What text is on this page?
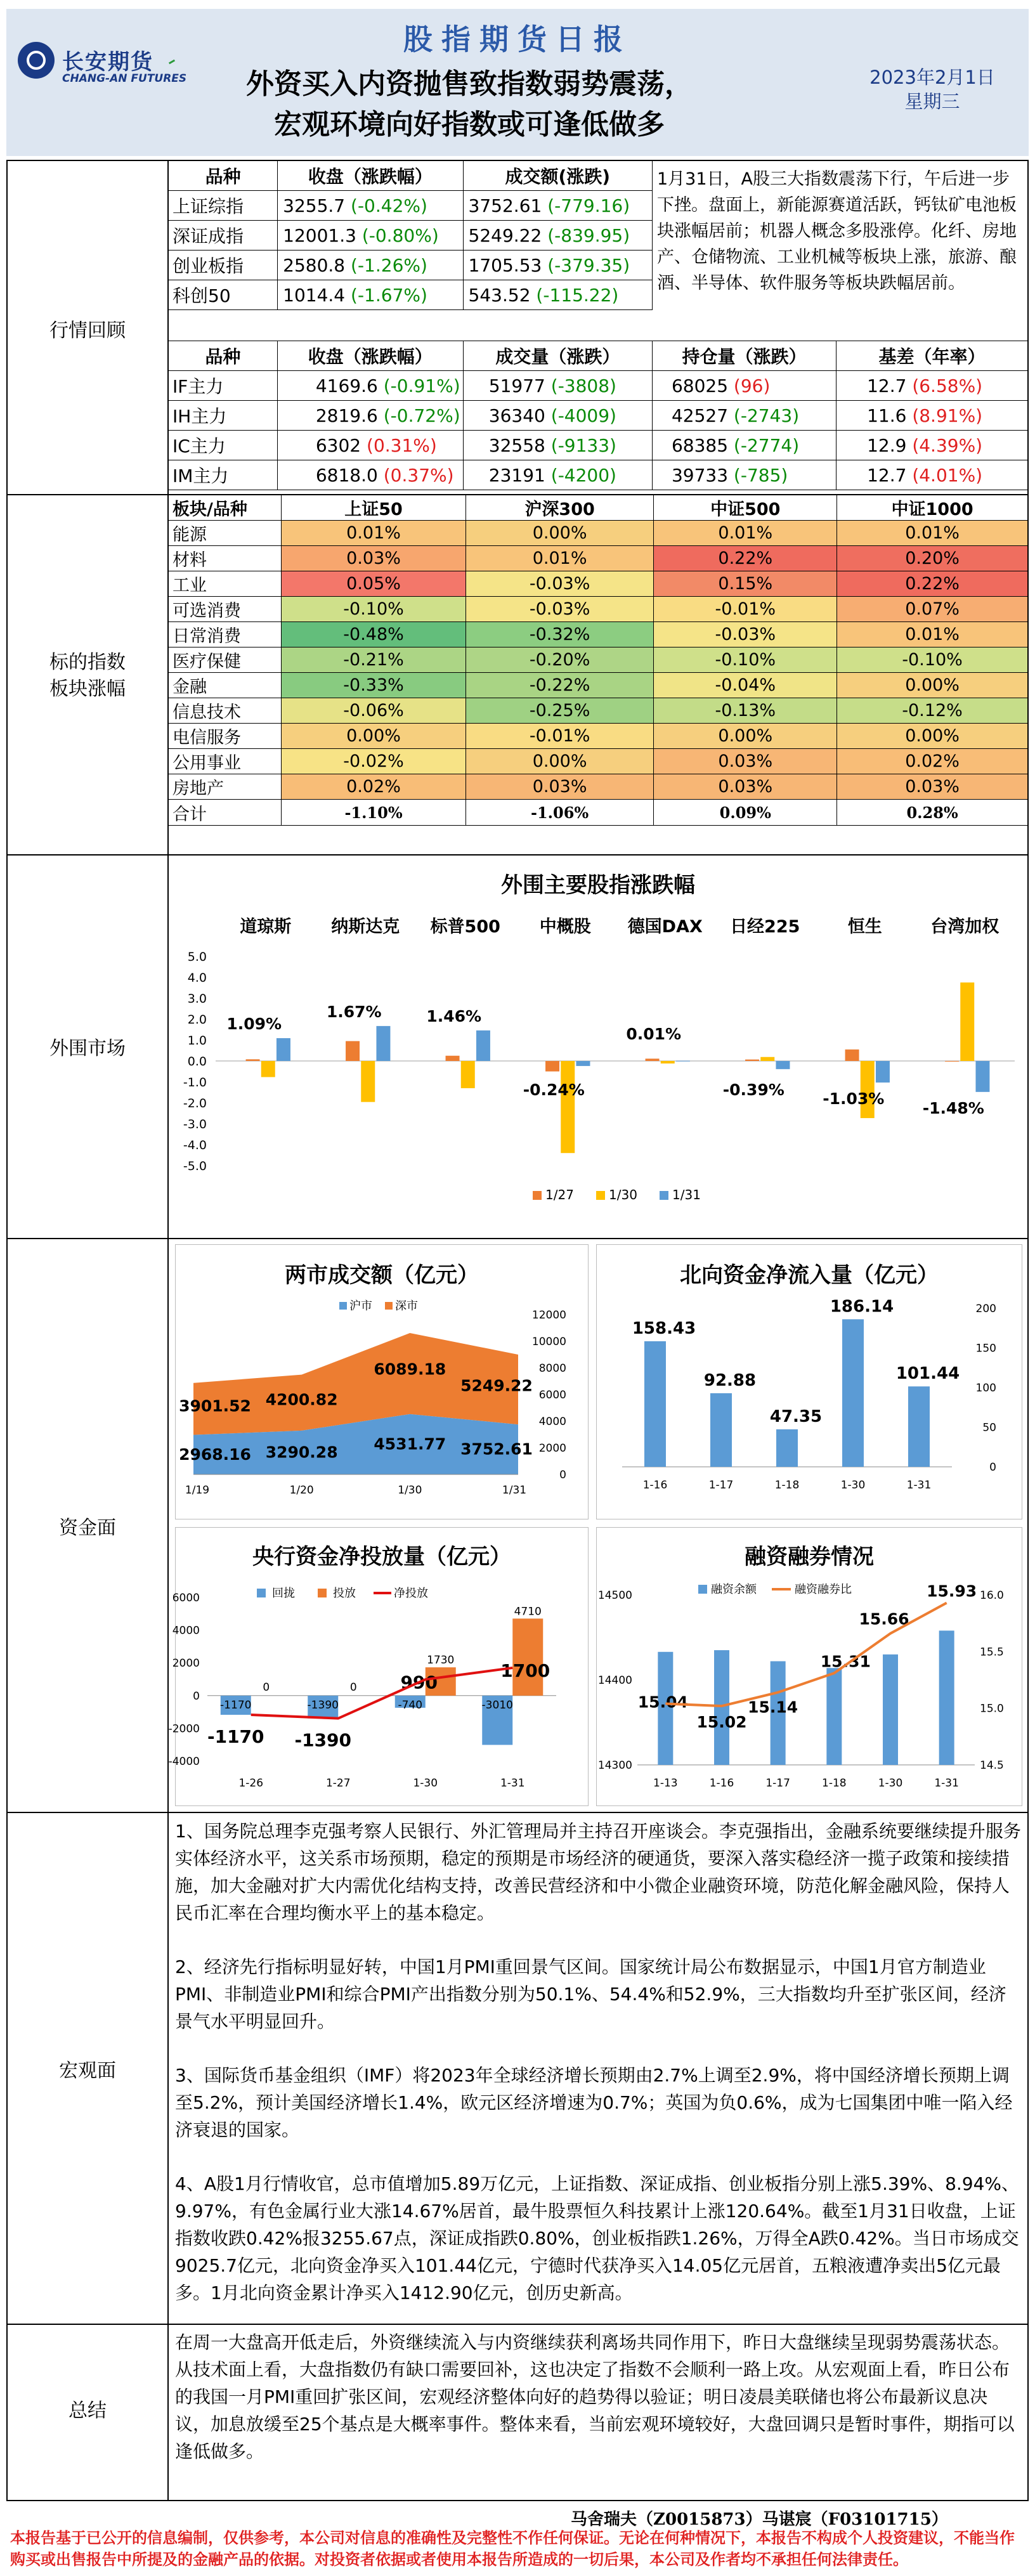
长安期货
CHANG-AN FUTURES
股指期货日报
外资买入内资抛售致指数弱势震荡，
宏观环境向好指数或可逢低做多
2023年2月1日
星期三
行情回顾
标的指数
板块涨幅
外围市场
资金面
宏观面
总结
品种	收盘（涨跌幅）	成交额(涨跌)
上证综指	3255.7 (-0.42%)	3752.61 (-779.16)
深证成指	12001.3 (-0.80%)	5249.22 (-839.95)
创业板指	2580.8 (-1.26%)	1705.53 (-379.35)
科创50	1014.4 (-1.67%)	543.52 (-115.22)
1月31日，A股三大指数震荡下行，午后进一步下挫。盘面上，新能源赛道活跃，钙钛矿电池板块涨幅居前；机器人概念多股涨停。化纤、房地产、仓储物流、工业机械等板块上涨，旅游、酿酒、半导体、软件服务等板块跌幅居前。
品种	收盘（涨跌幅）	成交量（涨跌）	持仓量（涨跌）	基差（年率）
IF主力	4169.6 (-0.91%)	51977 (-3808)	68025 (96)	12.7 (6.58%)
IH主力	2819.6 (-0.72%)	36340 (-4009)	42527 (-2743)	11.6 (8.91%)
IC主力	6302 (0.31%)	32558 (-9133)	68385 (-2774)	12.9 (4.39%)
IM主力	6818.0 (0.37%)	23191 (-4200)	39733 (-785)	12.7 (4.01%)
板块/品种	上证50	沪深300	中证500	中证1000
能源	0.01%	0.00%	0.01%	0.01%
材料	0.03%	0.01%	0.22%	0.20%
工业	0.05%	-0.03%	0.15%	0.22%
可选消费	-0.10%	-0.03%	-0.01%	0.07%
日常消费	-0.48%	-0.32%	-0.03%	0.01%
医疗保健	-0.21%	-0.20%	-0.10%	-0.10%
金融	-0.33%	-0.22%	-0.04%	0.00%
信息技术	-0.06%	-0.25%	-0.13%	-0.12%
电信服务	0.00%	-0.01%	0.00%	0.00%
公用事业	-0.02%	0.00%	0.03%	0.02%
房地产	0.02%	0.03%	0.03%	0.03%
合计	-1.10%	-1.06%	0.09%	0.28%
外围主要股指涨跌幅
5.0
4.0
3.0
2.0
1.0
0.0
-1.0
-2.0
-3.0
-4.0
-5.0
道琼斯
1.09%
纳斯达克
1.67%
标普500
1.46%
中概股
-0.24%
德国DAX
0.01%
日经225
-0.39%
恒生
-1.03%
台湾加权
-1.48%
1/27	1/30	1/31
两市成交额（亿元）
12000
10000
8000
6000
4000
2000
0
1/19
2968.16
3901.52
1/20
3290.28
4200.82
1/30
4531.77
6089.18
1/31
3752.61
5249.22
沪市 深市
北向资金净流入量（亿元）
200
150
100
50
0
158.43
1-16
92.88
1-17
47.35
1-18
186.14
1-30
101.44
1-31
央行资金净投放量（亿元）
6000
4000
2000
0
-2000
-4000
-1170
0
-1170
1-26
-1390
0
-1390
1-27
-740
1730
990
1-30
-3010
4710
1700
1-31
回拢	投放	净投放
融资融券情况
14500
14400
14300
16.0
15.5
15.0
14.5
1-13
15.04
1-16
15.02
1-17
15.14
1-18
15.31
1-30
15.66
1-31
15.93
融资余额	融资融券比

1、国务院总理李克强考察人民银行、外汇管理局并主持召开座谈会。李克强指出，金融系统要继续提升服务实体经济水平，这关系市场预期，稳定的预期是市场经济的硬通货，要深入落实稳经济一揽子政策和接续措施，加大金融对扩大内需优化结构支持，改善民营经济和中小微企业融资环境，防范化解金融风险，保持人民币汇率在合理均衡水平上的基本稳定。

2、经济先行指标明显好转，中国1月PMI重回景气区间。国家统计局公布数据显示，中国1月官方制造业PMI、非制造业PMI和综合PMI产出指数分别为50.1%、54.4%和52.9%，三大指数均升至扩张区间，经济景气水平明显回升。

3、国际货币基金组织（IMF）将2023年全球经济增长预期由2.7%上调至2.9%，将中国经济增长预期上调至5.2%，预计美国经济增长1.4%，欧元区经济增速为0.7%；英国为负0.6%，成为七国集团中唯一陷入经济衰退的国家。

4、A股1月行情收官，总市值增加5.89万亿元，上证指数、深证成指、创业板指分别上涨5.39%、8.94%、9.97%，有色金属行业大涨14.67%居首，最牛股票恒久科技累计上涨120.64%。截至1月31日收盘，上证指数收跌0.42%报3255.67点，深证成指跌0.80%，创业板指跌1.26%，万得全A跌0.42%。当日市场成交9025.7亿元，北向资金净买入101.44亿元，宁德时代获净买入14.05亿元居首，五粮液遭净卖出5亿元最多。1月北向资金累计净买入1412.90亿元，创历史新高。

在周一大盘高开低走后，外资继续流入与内资继续获利离场共同作用下，昨日大盘继续呈现弱势震荡状态。从技术面上看，大盘指数仍有缺口需要回补，这也决定了指数不会顺利一路上攻。从宏观面上看，昨日公布的我国一月PMI重回扩张区间，宏观经济整体向好的趋势得以验证；明日凌晨美联储也将公布最新议息决议，加息放缓至25个基点是大概率事件。整体来看，当前宏观环境较好，大盘回调只是暂时事件，期指可以逢低做多。
马舍瑞夫（Z0015873）马谌宸（F03101715）
本报告基于已公开的信息编制，仅供参考，本公司对信息的准确性及完整性不作任何保证。无论在何种情况下，本报告不构成个人投资建议，不能当作购买或出售报告中所提及的金融产品的依据。对投资者依据或者使用本报告所造成的一切后果，本公司及作者均不承担任何法律责任。
